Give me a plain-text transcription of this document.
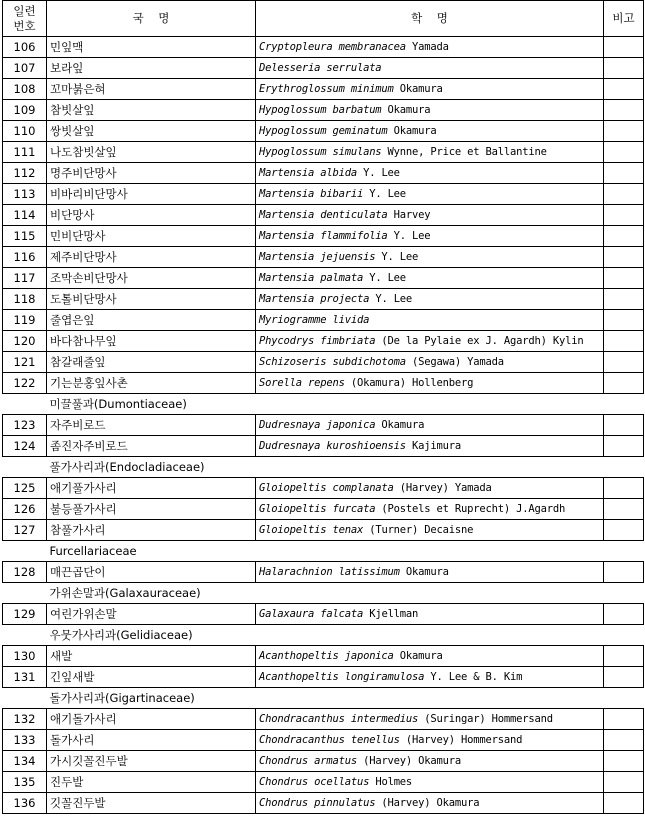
일련
번호	국    명	학    명	비고
106	민잎맥	Cryptopleura membranacea Yamada	
107	보라잎	Delesseria serrulata	
108	꼬마붉은혀	Erythroglossum minimum Okamura	
109	참빗살잎	Hypoglossum barbatum Okamura	
110	쌍빗살잎	Hypoglossum geminatum Okamura	
111	나도참빗살잎	Hypoglossum simulans Wynne, Price et Ballantine	
112	명주비단망사	Martensia albida Y. Lee	
113	비바리비단망사	Martensia bibarii Y. Lee	
114	비단망사	Martensia denticulata Harvey	
115	민비단망사	Martensia flammifolia Y. Lee	
116	제주비단망사	Martensia jejuensis Y. Lee	
117	조막손비단망사	Martensia palmata Y. Lee	
118	도톨비단망사	Martensia projecta Y. Lee	
119	줄엽은잎	Myriogramme livida	
120	바다참나무잎	Phycodrys fimbriata (De la Pylaie ex J. Agardh) Kylin	
121	참갈래줄잎	Schizoseris subdichotoma (Segawa) Yamada	
122	기는분홍잎사촌	Sorella repens (Okamura) Hollenberg	
	미끌풀과(Dumontiaceae)		
123	자주비로드	Dudresnaya japonica Okamura	
124	좀진자주비로드	Dudresnaya kuroshioensis Kajimura	
	풀가사리과(Endocladiaceae)		
125	애기풀가사리	Gloiopeltis complanata (Harvey) Yamada	
126	불등풀가사리	Gloiopeltis furcata (Postels et Ruprecht) J.Agardh	
127	참풀가사리	Gloiopeltis tenax (Turner) Decaisne	
	Furcellariaceae		
128	매끈곱단이	Halarachnion latissimum Okamura	
	가위손말과(Galaxauraceae)		
129	여린가위손말	Galaxaura falcata Kjellman	
	우뭇가사리과(Gelidiaceae)		
130	새발	Acanthopeltis japonica Okamura	
131	긴잎새발	Acanthopeltis longiramulosa Y. Lee & B. Kim	
	돌가사리과(Gigartinaceae)		
132	애기돌가사리	Chondracanthus intermedius (Suringar) Hommersand	
133	돌가사리	Chondracanthus tenellus (Harvey) Hommersand	
134	가시깃꼴진두발	Chondrus armatus (Harvey) Okamura	
135	진두발	Chondrus ocellatus Holmes	
136	깃꼴진두발	Chondrus pinnulatus (Harvey) Okamura	
